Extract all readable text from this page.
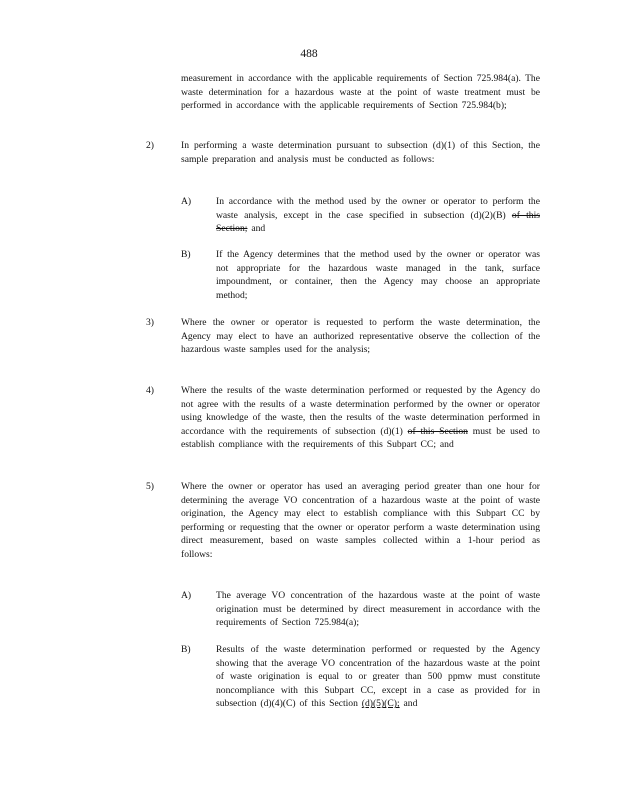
488
measurement in accordance with the applicable requirements of Section 725.984(a). The waste determination for a hazardous waste at the point of waste treatment must be performed in accordance with the applicable requirements of Section 725.984(b);
2)	In performing a waste determination pursuant to subsection (d)(1) of this Section, the sample preparation and analysis must be conducted as follows:
A)	In accordance with the method used by the owner or operator to perform the waste analysis, except in the case specified in subsection (d)(2)(B) of this Section; and
B)	If the Agency determines that the method used by the owner or operator was not appropriate for the hazardous waste managed in the tank, surface impoundment, or container, then the Agency may choose an appropriate method;
3)	Where the owner or operator is requested to perform the waste determination, the Agency may elect to have an authorized representative observe the collection of the hazardous waste samples used for the analysis;
4)	Where the results of the waste determination performed or requested by the Agency do not agree with the results of a waste determination performed by the owner or operator using knowledge of the waste, then the results of the waste determination performed in accordance with the requirements of subsection (d)(1) of this Section must be used to establish compliance with the requirements of this Subpart CC; and
5)	Where the owner or operator has used an averaging period greater than one hour for determining the average VO concentration of a hazardous waste at the point of waste origination, the Agency may elect to establish compliance with this Subpart CC by performing or requesting that the owner or operator perform a waste determination using direct measurement, based on waste samples collected within a 1-hour period as follows:
A)	The average VO concentration of the hazardous waste at the point of waste origination must be determined by direct measurement in accordance with the requirements of Section 725.984(a);
B)	Results of the waste determination performed or requested by the Agency showing that the average VO concentration of the hazardous waste at the point of waste origination is equal to or greater than 500 ppmw must constitute noncompliance with this Subpart CC, except in a case as provided for in subsection (d)(4)(C) of this Section (d)(5)(C); and
